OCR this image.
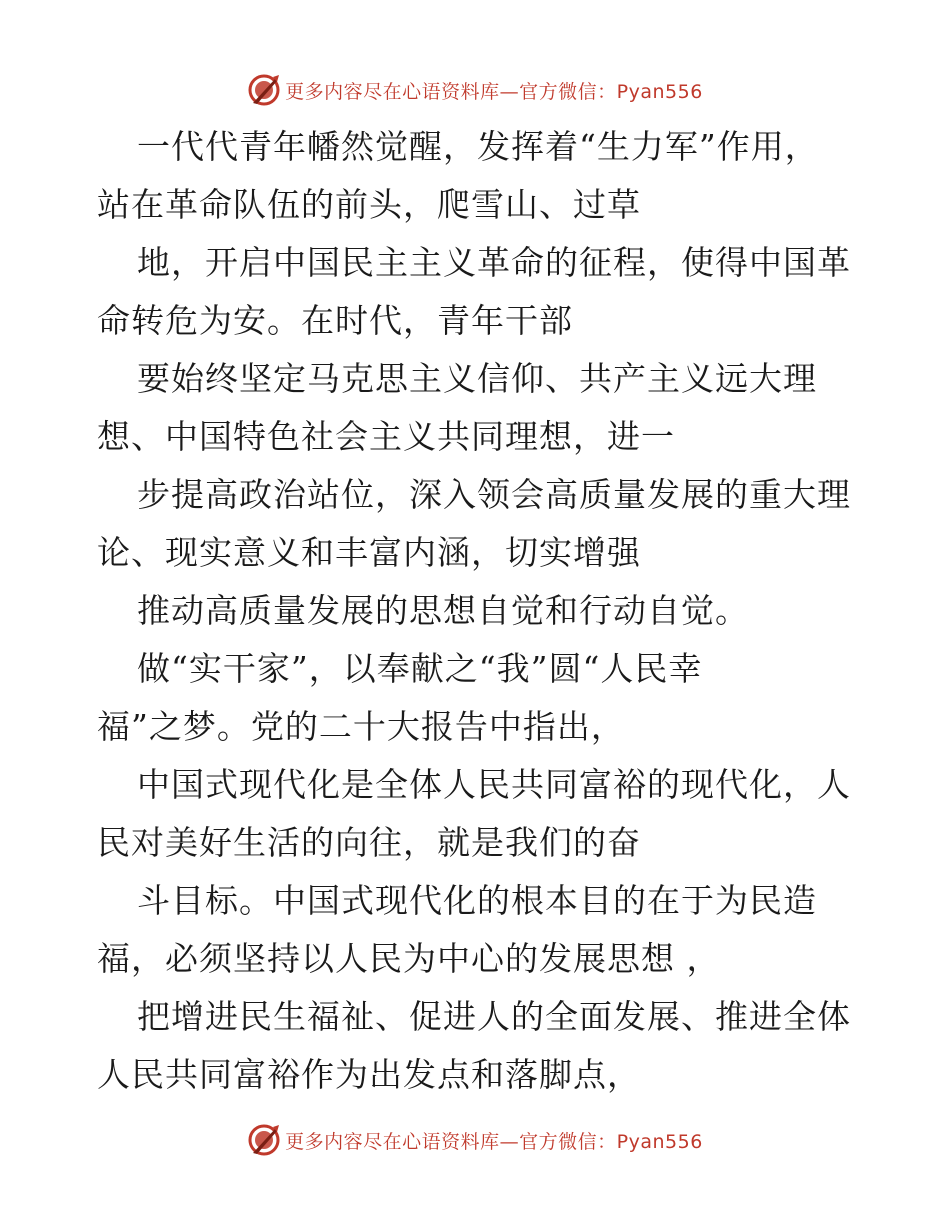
更多内容尽在心语资料库—官方微信：Pyan556
一代代青年幡然觉醒，发挥着“生力军”作用，
站在革命队伍的前头，爬雪山、过草
地，开启中国民主主义革命的征程，使得中国革
命转危为安。在时代，青年干部
要始终坚定马克思主义信仰、共产主义远大理
想、中国特色社会主义共同理想，进一
步提高政治站位，深入领会高质量发展的重大理
论、现实意义和丰富内涵，切实增强
推动高质量发展的思想自觉和行动自觉。
做“实干家”，以奉献之“我”圆“人民幸
福”之梦。党的二十大报告中指出，
中国式现代化是全体人民共同富裕的现代化，人
民对美好生活的向往，就是我们的奋
斗目标。中国式现代化的根本目的在于为民造
福，必须坚持以人民为中心的发展思想 ，
把增进民生福祉、促进人的全面发展、推进全体
人民共同富裕作为出发点和落脚点，
更多内容尽在心语资料库—官方微信：Pyan556
